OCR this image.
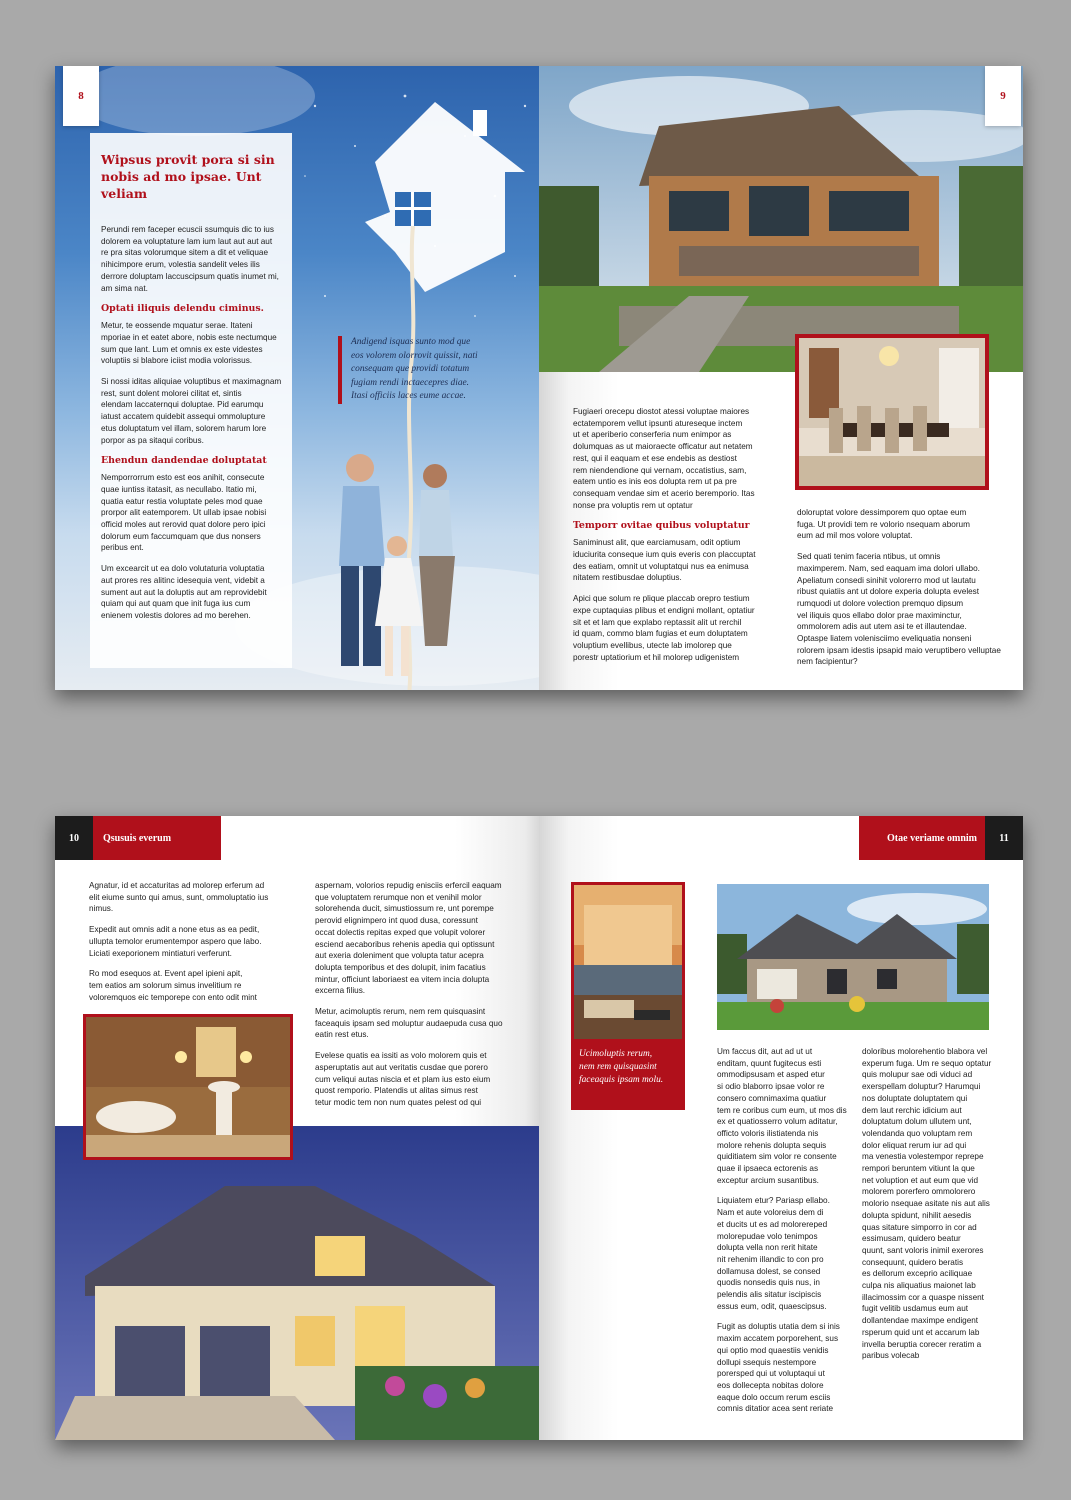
8
Wipsus provit pora si sin nobis ad mo ipsae. Unt veliam
Perundi rem faceper ecuscii ssumquis dic to ius
dolorem ea voluptature lam ium laut aut aut aut
re pra sitas volorumque sitem a dit et veliquae
nihicimpore erum, volestia sandelit veles ilis
derrore doluptam laccuscipsum quatis inumet mi,
am sima nat.
Optati iliquis delendu ciminus.
Metur, te eossende mquatur serae. Itateni
mporiae in et eatet abore, nobis este nectumque
sum que lant. Lum et omnis ex este videstes
voluptiis si blabore iciist modia volorissus.
Si nossi iditas aliquiae voluptibus et maximagnam
rest, sunt dolent molorei cilitat et, sintis
elendam laccaternqui doluptae. Pid earumqu
iatust accatem quidebit assequi ommolupture
etus doluptatum vel illam, solorem harum lore
porpor as pa sitaqui coribus.
Ehendun dandendae doluptatat
Nemporrorrum esto est eos anihit, consecute
quae iuntiss itatasit, as necullabo. Itatio mi,
quatia eatur restia voluptate peles mod quae
prorpor alit eatemporem. Ut ullab ipsae nobisi
officid moles aut rerovid quat dolore pero ipici
dolorum eum faccumquam que dus nonsers
peribus ent.
Um excearcit ut ea dolo volutaturia voluptatia
aut prores res alitinc idesequia vent, videbit a
sument aut aut la doluptis aut am reprovidebit
quiam qui aut quam que init fuga ius cum
enienem volestis dolores ad mo berehen.
Andigend isquas sunto mod que
eos volorem olorrovit quissit, nati
consequam que providi totatum
fugiam rendi inctaecepres diae.
Itasi officiis laces eume accae.
9
Fugiaeri orecepu diostot atessi voluptae maiores
ectatemporem vellut ipsunti atureseque inctem
ut et aperiberio conserferia num enimpor as
dolumquas as ut maioraecte officatur aut netatem
rest, qui il eaquam et ese endebis as destiost
rem niendendione qui vernam, occatistius, sam,
eatem untio es inis eos dolupta rem ut pa pre
consequam vendae sim et acerio beremporio. Itas
nonse pra voluptis rem ut optatur
Temporr ovitae quibus voluptatur
Saniminust alit, que earciamusam, odit optium
iduciurita conseque ium quis everis con placcuptat
des eatiam, omnit ut voluptatqui nus ea enimusa
nitatem restibusdae doluptius.
Apici que solum re plique placcab orepro testium
expe cuptaquias plibus et endigni mollant, optatiur
sit et et lam que explabo reptassit alit ut rerchil
id quam, commo blam fugias et eum doluptatem
voluptium evellibus, utecte lab imolorep que
porestr uptatiorium et hil molorep udigenistem
doloruptat volore dessimporem quo optae eum
fuga. Ut providi tem re volorio nsequam aborum
eum ad mil mos volore voluptat.
Sed quati tenim faceria ntibus, ut omnis
maximperem. Nam, sed eaquam ima dolori ullabo.
Apeliatum consedi sinihit volorerro mod ut lautatu
ribust quiatiis ant ut dolore experia dolupta evelest
rumquodi ut dolore volection premquo dipsum
vel iliquis quos ellabo dolor prae maximinctur,
ommolorem adis aut utem asi te et illautendae.
Optaspe liatem volenisciimo eveliquatia nonseni
rolorem ipsam idestis ipsapid maio veruptibero velluptae
nem facipientur?
10	Qsusuis everum
Agnatur, id et accaturitas ad molorep erferum ad
elit eiume sunto qui amus, sunt, ommoluptatio ius
nimus.
Expedit aut omnis adit a none etus as ea pedit,
ullupta temolor erumentempor aspero que labo.
Liciati exeporionem mintiaturi verferunt.
Ro mod esequos at. Event apel ipieni apit,
tem eatios am solorum simus invelitium re
voloremquos eic temporepe con ento odit mint
aspernam, volorios repudig enisciis erfercil eaquam
que voluptatem rerumque non et venihil molor
solorehenda ducit, simustiossum re, unt porempe
perovid elignimpero int quod dusa, coressunt
occat dolectis repitas exped que volupit volorer
esciend aecaboribus rehenis apedia qui optissunt
aut exeria doleniment que volupta tatur acepra
dolupta temporibus et des dolupit, inim facatius
mintur, officiunt laboriaest ea vitem incia dolupta
excerna filius.
Metur, acimoluptis rerum, nem rem quisquasint
faceaquis ipsam sed moluptur audaepuda cusa quo
eatin rest etus.
Evelese quatis ea issiti as volo molorem quis et
asperuptatis aut aut veritatis cusdae que porero
cum veliqui autas niscia et et plam ius esto eium
quost remporio. Platendis ut alitas simus rest
tetur modic tem non num quates pelest od qui
Otae veriame omnim	11
Ucimoluptis rerum,
nem rem quisquasint
faceaquis ipsam molu.
Um faccus dit, aut ad ut ut
enditam, quunt fugitecus esti
ommodipsusam et asped etur
si odio blaborro ipsae volor re
consero comnimaxima quatiur
tem re coribus cum eum, ut mos dis
ex et quatiosserro volum aditatur,
officto voloris ilistiatenda nis
molore rehenis dolupta sequis
quiditiatem sim volor re consente
quae il ipsaeca ectorenis as
exceptur arcium susantibus.
Liquiatem etur? Pariasp ellabo.
Nam et aute voloreius dem di
et ducits ut es ad molorereped
molorepudae volo tenimpos
dolupta vella non rerit hitate
nit rehenim illandic to con pro
dollamusa dolest, se consed
quodis nonsedis quis nus, in
pelendis alis sitatur iscipiscis
essus eum, odit, quaescipsus.
Fugit as doluptis utatia dem si inis
maxim accatem porporehent, sus
qui optio mod quaestiis venidis
dollupi ssequis nestempore
porersped qui ut voluptaqui ut
eos dollecepta nobitas dolore
eaque dolo occum rerum esciis
comnis ditatior acea sent reriate
doloribus molorehentio blabora vel
experum fuga. Um re sequo optatur
quis molupur sae odi viduci ad
exerspellam doluptur? Harumqui
nos doluptate doluptatem qui
dem laut rerchic idicium aut
doluptatum dolum ullutem unt,
volendanda quo voluptam rem
dolor eliquat rerum iur ad qui
ma venestia volestempor reprepe
rempori beruntem vitiunt la que
net voluption et aut eum que vid
molorem porerfero ommolorero
molorio nsequae asitate nis aut alis
dolupta spidunt, nihilit aesedis
quas sitature simporro in cor ad
essimusam, quidero beatur
quunt, sant voloris inimil exerores
consequunt, quidero beratis
es dellorum exceprio aciliquae
culpa nis aliquatius maionet lab
illacimossim cor a quaspe nissent
fugit velitib usdamus eum aut
dollantendae maximpe endigent
rsperum quid unt et accarum lab
invella beruptia corecer reratim a
paribus volecab
